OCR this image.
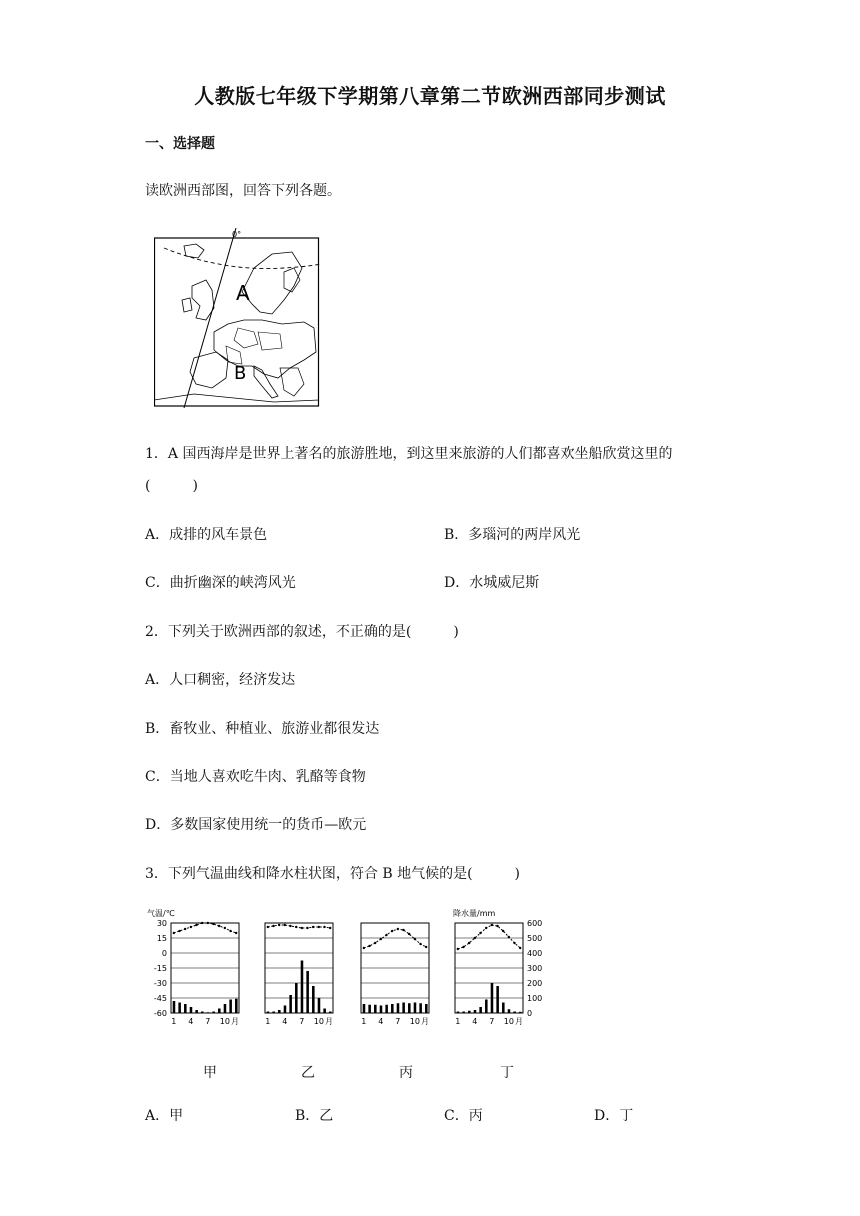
人教版七年级下学期第八章第二节欧洲西部同步测试
一、选择题
读欧洲西部图，回答下列各题。
0°
A
B
1．A 国西海岸是世界上著名的旅游胜地，到这里来旅游的人们都喜欢坐船欣赏这里的
(　　　)
A．成排的风车景色	B．多瑙河的两岸风光
C．曲折幽深的峡湾风光	D．水城威尼斯
2．下列关于欧洲西部的叙述，不正确的是(　　　)
A．人口稠密，经济发达
B．畜牧业、种植业、旅游业都很发达
C．当地人喜欢吃牛肉、乳酪等食物
D．多数国家使用统一的货币—欧元
3．下列气温曲线和降水柱状图，符合 B 地气候的是(　　　)
气温/℃	降水量/mm
30
15
0
-15
-30
-45
-60
600
500
400
300
200
100
0
1 4 7 10 月	1 4 7 10 月	1 4 7 10 月	1 4 7 10 月
甲	乙	丙	丁
A．甲	B．乙	C．丙	D．丁
